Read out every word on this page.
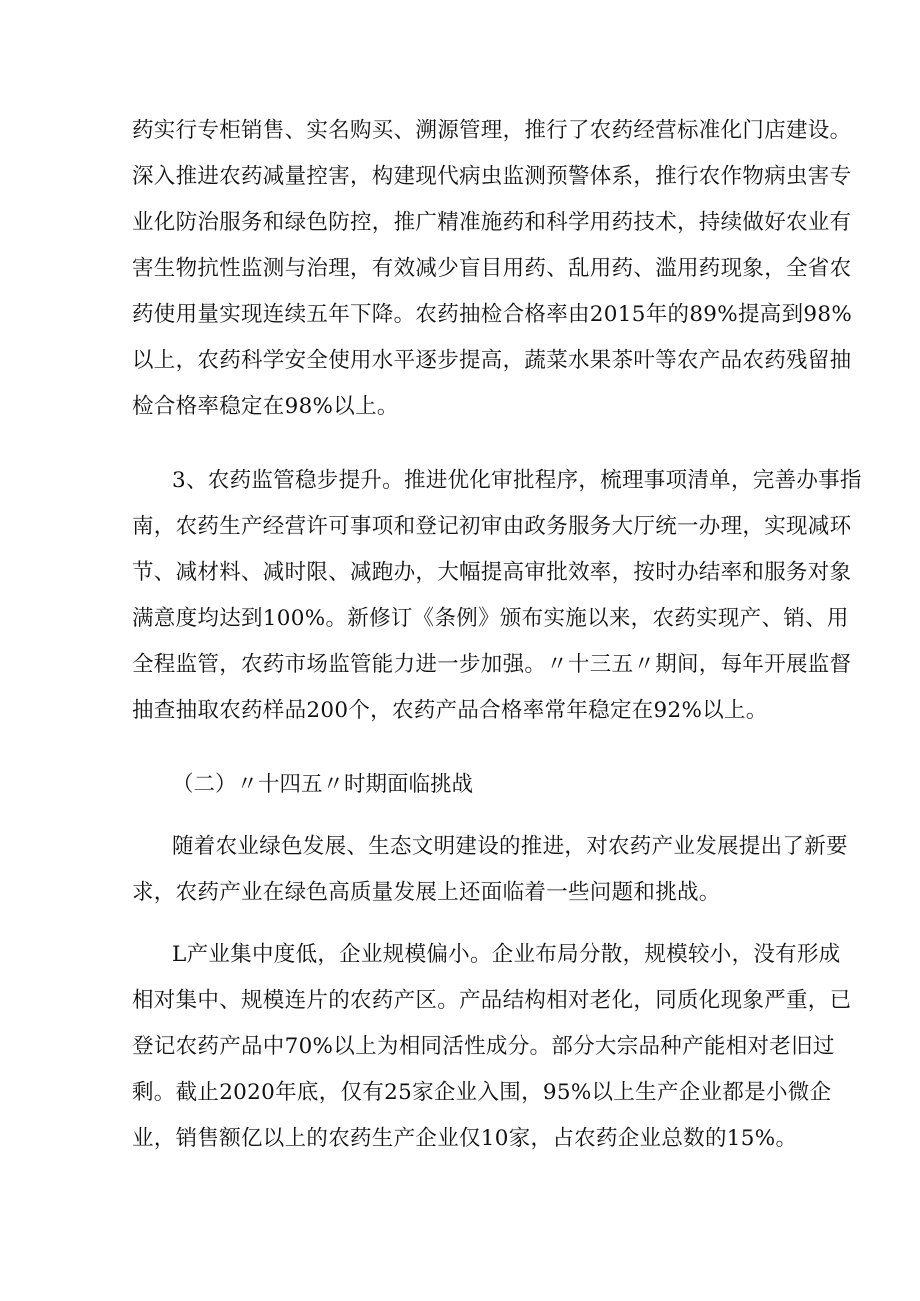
药实行专柜销售、实名购买、溯源管理，推行了农药经营标准化门店建设。
深入推进农药减量控害，构建现代病虫监测预警体系，推行农作物病虫害专
业化防治服务和绿色防控，推广精准施药和科学用药技术，持续做好农业有
害生物抗性监测与治理，有效减少盲目用药、乱用药、滥用药现象，全省农
药使用量实现连续五年下降。农药抽检合格率由2015年的89%提高到98%
以上，农药科学安全使用水平逐步提高，蔬菜水果茶叶等农产品农药残留抽
检合格率稳定在98%以上。
3、农药监管稳步提升。推进优化审批程序，梳理事项清单，完善办事指
南，农药生产经营许可事项和登记初审由政务服务大厅统一办理，实现减环
节、减材料、减时限、减跑办，大幅提高审批效率，按时办结率和服务对象
满意度均达到100%。新修订《条例》颁布实施以来，农药实现产、销、用
全程监管，农药市场监管能力进一步加强。〃十三五〃期间，每年开展监督
抽查抽取农药样品200个，农药产品合格率常年稳定在92%以上。
（二）〃十四五〃时期面临挑战
随着农业绿色发展、生态文明建设的推进，对农药产业发展提出了新要
求，农药产业在绿色高质量发展上还面临着一些问题和挑战。
L产业集中度低，企业规模偏小。企业布局分散，规模较小，没有形成
相对集中、规模连片的农药产区。产品结构相对老化，同质化现象严重，已
登记农药产品中70%以上为相同活性成分。部分大宗品种产能相对老旧过
剩。截止2020年底，仅有25家企业入围，95%以上生产企业都是小微企
业，销售额亿以上的农药生产企业仅10家，占农药企业总数的15%。
